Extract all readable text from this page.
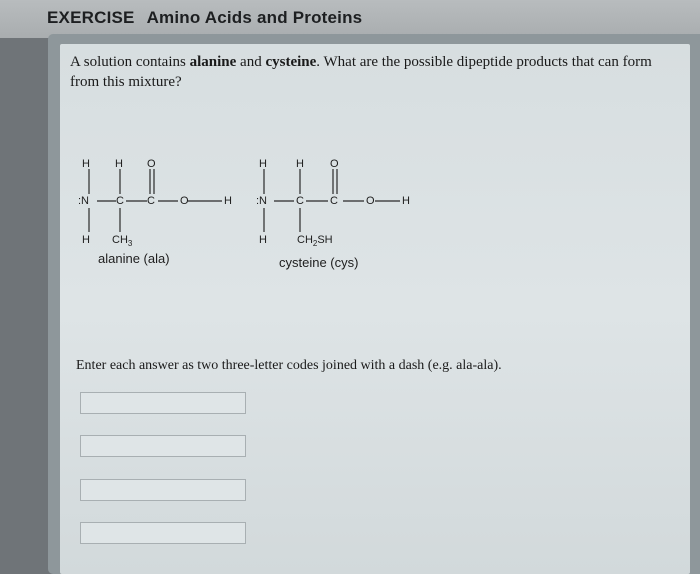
EXERCISE Amino Acids and Proteins
A solution contains alanine and cysteine. What are the possible dipeptide products that can form from this mixture?
H H O
:N C C O	H
H $CH_3$
alanine (ala)
H	H O
:N	C C	O H
H	$CH_2SH$
cysteine (cys)
Enter each answer as two three-letter codes joined with a dash (e.g. ala-ala).
